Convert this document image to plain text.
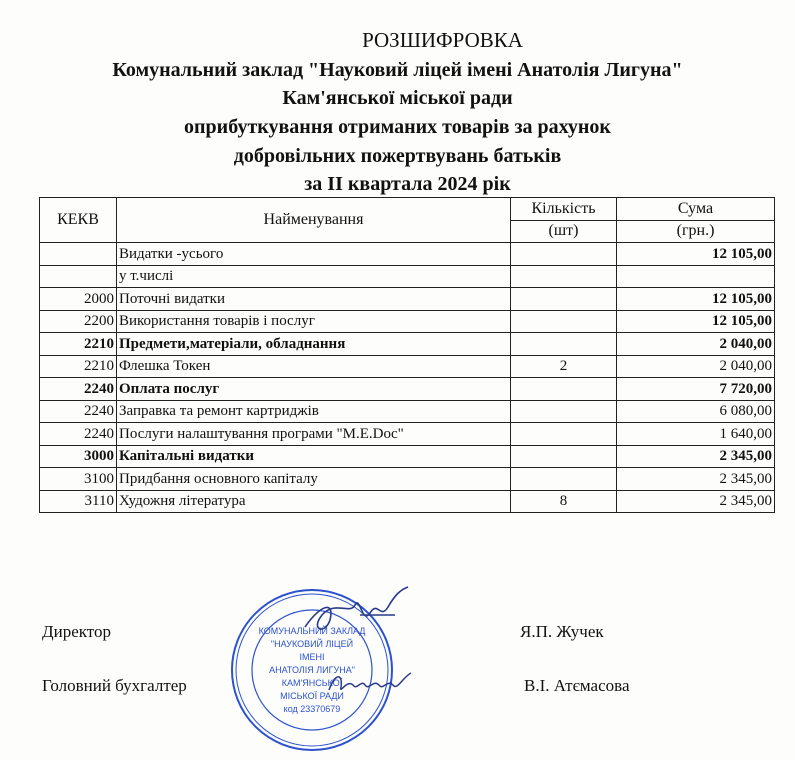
РОЗШИФРОВКА
Комунальний заклад "Науковий ліцей імені Анатолія Лигуна"
Кам'янської міської ради
оприбуткування отриманих товарів за рахунок
добровільних пожертвувань батьків
за II квартала 2024 рік
КЕКВ	Найменування	Кількість	Сума
		(шт)	(грн.)
	Видатки -усього		12 105,00
	у т.числі		
2000	Поточні видатки		12 105,00
2200	Використання товарів і послуг		12 105,00
2210	Предмети,матеріали, обладнання		2 040,00
2210	Флешка Токен	2	2 040,00
2240	Оплата послуг		7 720,00
2240	Заправка та ремонт картриджів		6 080,00
2240	Послуги налаштування програми "M.E.Doc"		1 640,00
3000	Капітальні видатки		2 345,00
3100	Придбання основного капіталу		2 345,00
3110	Художня література	8	2 345,00
КОМУНАЛЬНИЙ ЗАКЛАД
"НАУКОВИЙ ЛІЦЕЙ
ІМЕНІ
АНАТОЛІЯ ЛИГУНА"
КАМ'ЯНСЬКОЇ
МІСЬКОЇ РАДИ
код 23370679
Директор	Я.П. Жучек
Головний бухгалтер	В.І. Атємасова
